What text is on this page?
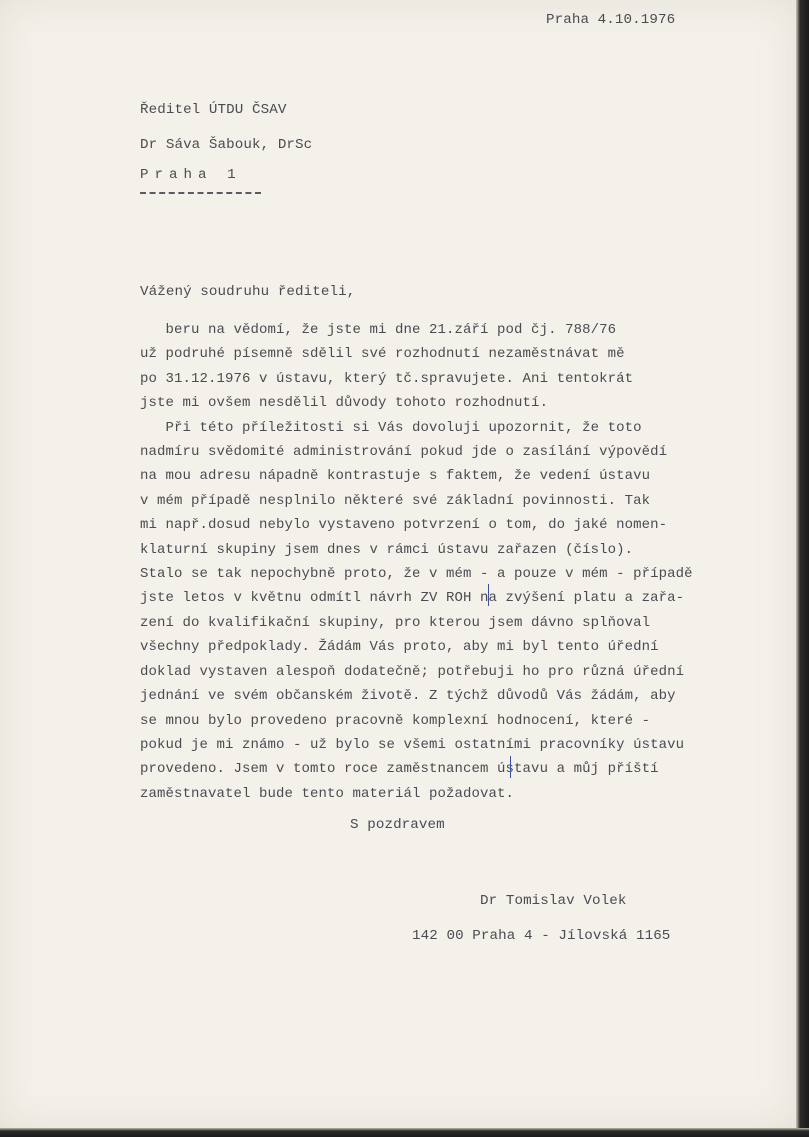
Praha 4.10.1976
Ředitel ÚTDU ČSAV
Dr Sáva Šabouk, DrSc
Praha 1
Vážený soudruhu řediteli,
beru na vědomí, že jste mi dne 21.září pod čj. 788/76
už podruhé písemně sdělil své rozhodnutí nezaměstnávat mě
po 31.12.1976 v ústavu, který tč.spravujete. Ani tentokrát
jste mi ovšem nesdělil důvody tohoto rozhodnutí.
Při této příležitosti si Vás dovoluji upozornit, že toto
nadmíru svědomité administrování pokud jde o zasílání výpovědí
na mou adresu nápadně kontrastuje s faktem, že vedení ústavu
v mém případě nesplnilo některé své základní povinnosti. Tak
mi např.dosud nebylo vystaveno potvrzení o tom, do jaké nomen-
klaturní skupiny jsem dnes v rámci ústavu zařazen (číslo).
Stalo se tak nepochybně proto, že v mém - a pouze v mém - případě
jste letos v květnu odmítl návrh ZV ROH na zvýšení platu a zařa-
zení do kvalifikační skupiny, pro kterou jsem dávno splňoval
všechny předpoklady. Žádám Vás proto, aby mi byl tento úřední
doklad vystaven alespoň dodatečně; potřebuji ho pro různá úřední
jednání ve svém občanském životě. Z týchž důvodů Vás žádám, aby
se mnou bylo provedeno pracovně komplexní hodnocení, které -
pokud je mi známo - už bylo se všemi ostatními pracovníky ústavu
provedeno. Jsem v tomto roce zaměstnancem ústavu a můj příští
zaměstnavatel bude tento materiál požadovat.
S pozdravem
Dr Tomislav Volek
142 00 Praha 4 - Jílovská 1165
